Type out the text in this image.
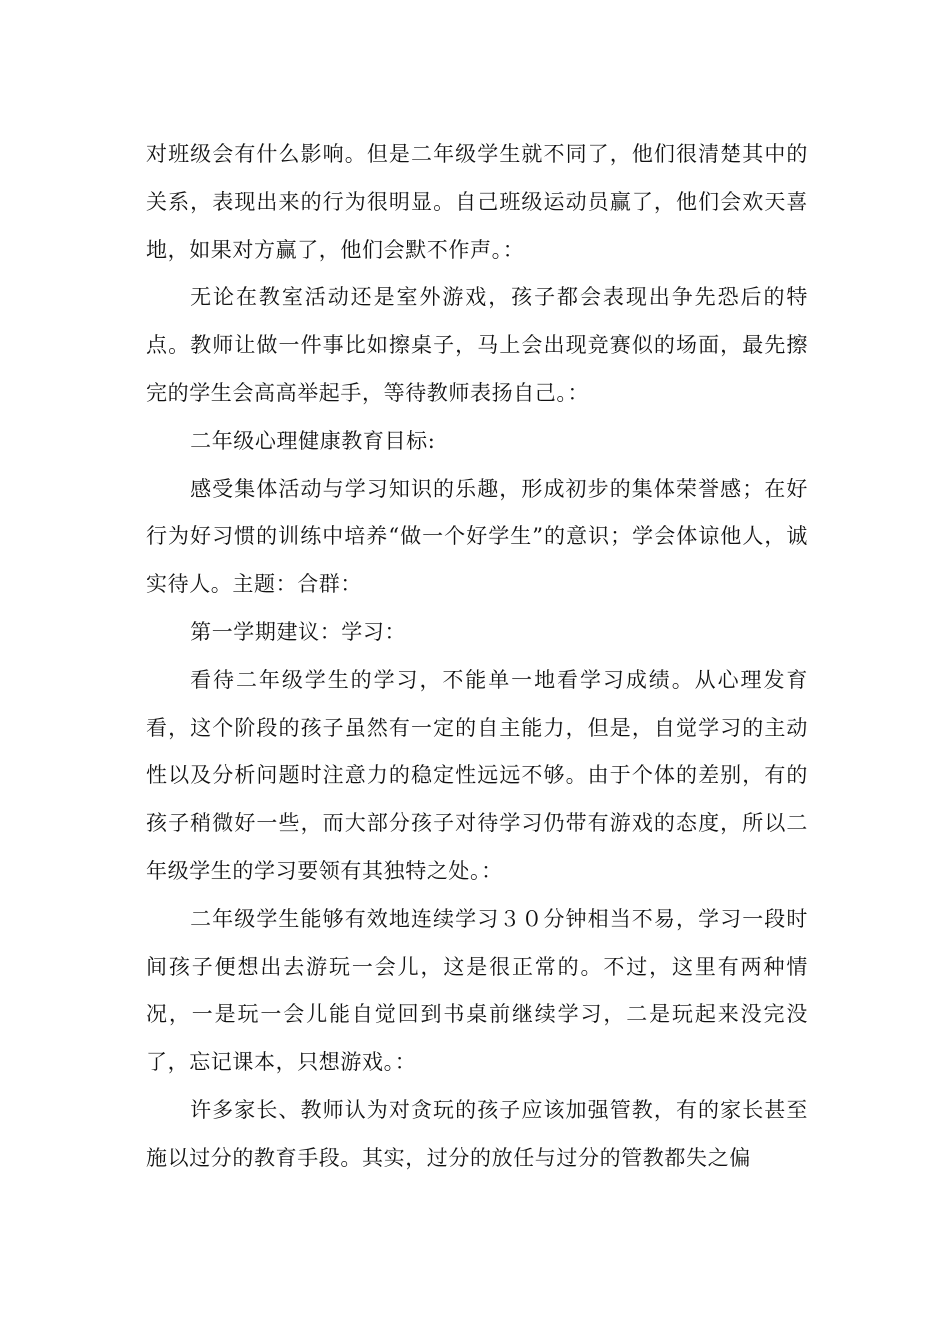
对班级会有什么影响。但是二年级学生就不同了，他们很清楚其中的关系，表现出来的行为很明显。自己班级运动员赢了，他们会欢天喜地，如果对方赢了，他们会默不作声。：

无论在教室活动还是室外游戏，孩子都会表现出争先恐后的特点。教师让做一件事比如擦桌子，马上会出现竞赛似的场面，最先擦完的学生会高高举起手，等待教师表扬自己。：

二年级心理健康教育目标:

感受集体活动与学习知识的乐趣，形成初步的集体荣誉感；在好行为好习惯的训练中培养“做一个好学生”的意识；学会体谅他人，诚实待人。主题：合群：

第一学期建议：学习：

看待二年级学生的学习，不能单一地看学习成绩。从心理发育看，这个阶段的孩子虽然有一定的自主能力，但是，自觉学习的主动性以及分析问题时注意力的稳定性远远不够。由于个体的差别，有的孩子稍微好一些，而大部分孩子对待学习仍带有游戏的态度，所以二年级学生的学习要领有其独特之处。：

二年级学生能够有效地连续学习３０分钟相当不易，学习一段时间孩子便想出去游玩一会儿，这是很正常的。不过，这里有两种情况，一是玩一会儿能自觉回到书桌前继续学习，二是玩起来没完没了，忘记课本，只想游戏。：

许多家长、教师认为对贪玩的孩子应该加强管教，有的家长甚至施以过分的教育手段。其实，过分的放任与过分的管教都失之偏
